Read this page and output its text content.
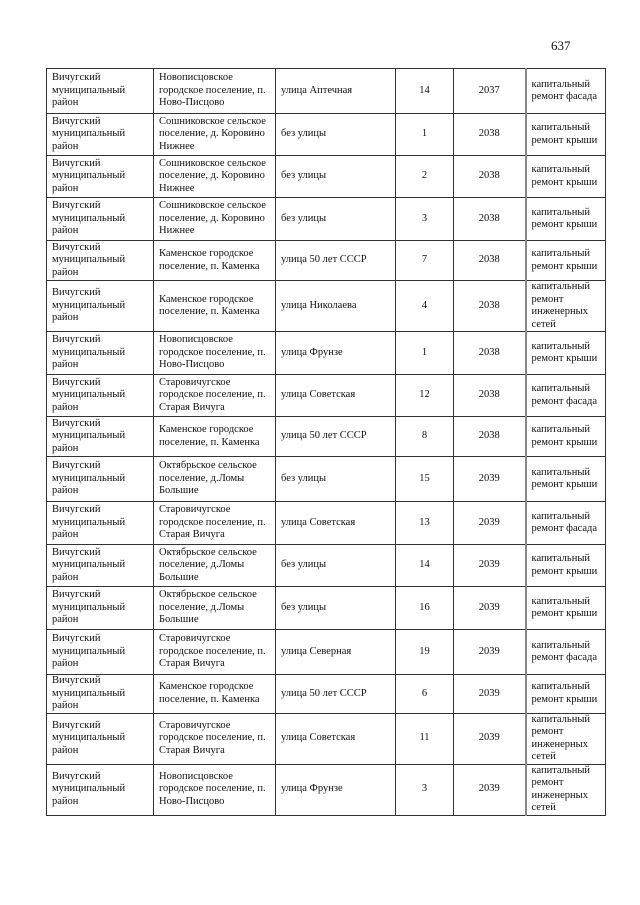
637
Вичугский муниципальный район	Новописцовское городское поселение, п. Ново-Писцово	улица Аптечная	14	2037	капитальный ремонт фасада
Вичугский муниципальный район	Сошниковское сельское поселение, д. Коровино Нижнее	без улицы	1	2038	капитальный ремонт крыши
Вичугский муниципальный район	Сошниковское сельское поселение, д. Коровино Нижнее	без улицы	2	2038	капитальный ремонт крыши
Вичугский муниципальный район	Сошниковское сельское поселение, д. Коровино Нижнее	без улицы	3	2038	капитальный ремонт крыши
Вичугский муниципальный район	Каменское городское поселение, п. Каменка	улица 50 лет СССР	7	2038	капитальный ремонт крыши
Вичугский муниципальный район	Каменское городское поселение, п. Каменка	улица Николаева	4	2038	капитальный ремонт инженерных сетей
Вичугский муниципальный район	Новописцовское городское поселение, п. Ново-Писцово	улица Фрунзе	1	2038	капитальный ремонт крыши
Вичугский муниципальный район	Старовичугское городское поселение, п. Старая Вичуга	улица Советская	12	2038	капитальный ремонт фасада
Вичугский муниципальный район	Каменское городское поселение, п. Каменка	улица 50 лет СССР	8	2038	капитальный ремонт крыши
Вичугский муниципальный район	Октябрьское сельское поселение, д.Ломы Большие	без улицы	15	2039	капитальный ремонт крыши
Вичугский муниципальный район	Старовичугское городское поселение, п. Старая Вичуга	улица Советская	13	2039	капитальный ремонт фасада
Вичугский муниципальный район	Октябрьское сельское поселение, д.Ломы Большие	без улицы	14	2039	капитальный ремонт крыши
Вичугский муниципальный район	Октябрьское сельское поселение, д.Ломы Большие	без улицы	16	2039	капитальный ремонт крыши
Вичугский муниципальный район	Старовичугское городское поселение, п. Старая Вичуга	улица Северная	19	2039	капитальный ремонт фасада
Вичугский муниципальный район	Каменское городское поселение, п. Каменка	улица 50 лет СССР	6	2039	капитальный ремонт крыши
Вичугский муниципальный район	Старовичугское городское поселение, п. Старая Вичуга	улица Советская	11	2039	капитальный ремонт инженерных сетей
Вичугский муниципальный район	Новописцовское городское поселение, п. Ново-Писцово	улица Фрунзе	3	2039	капитальный ремонт инженерных сетей
